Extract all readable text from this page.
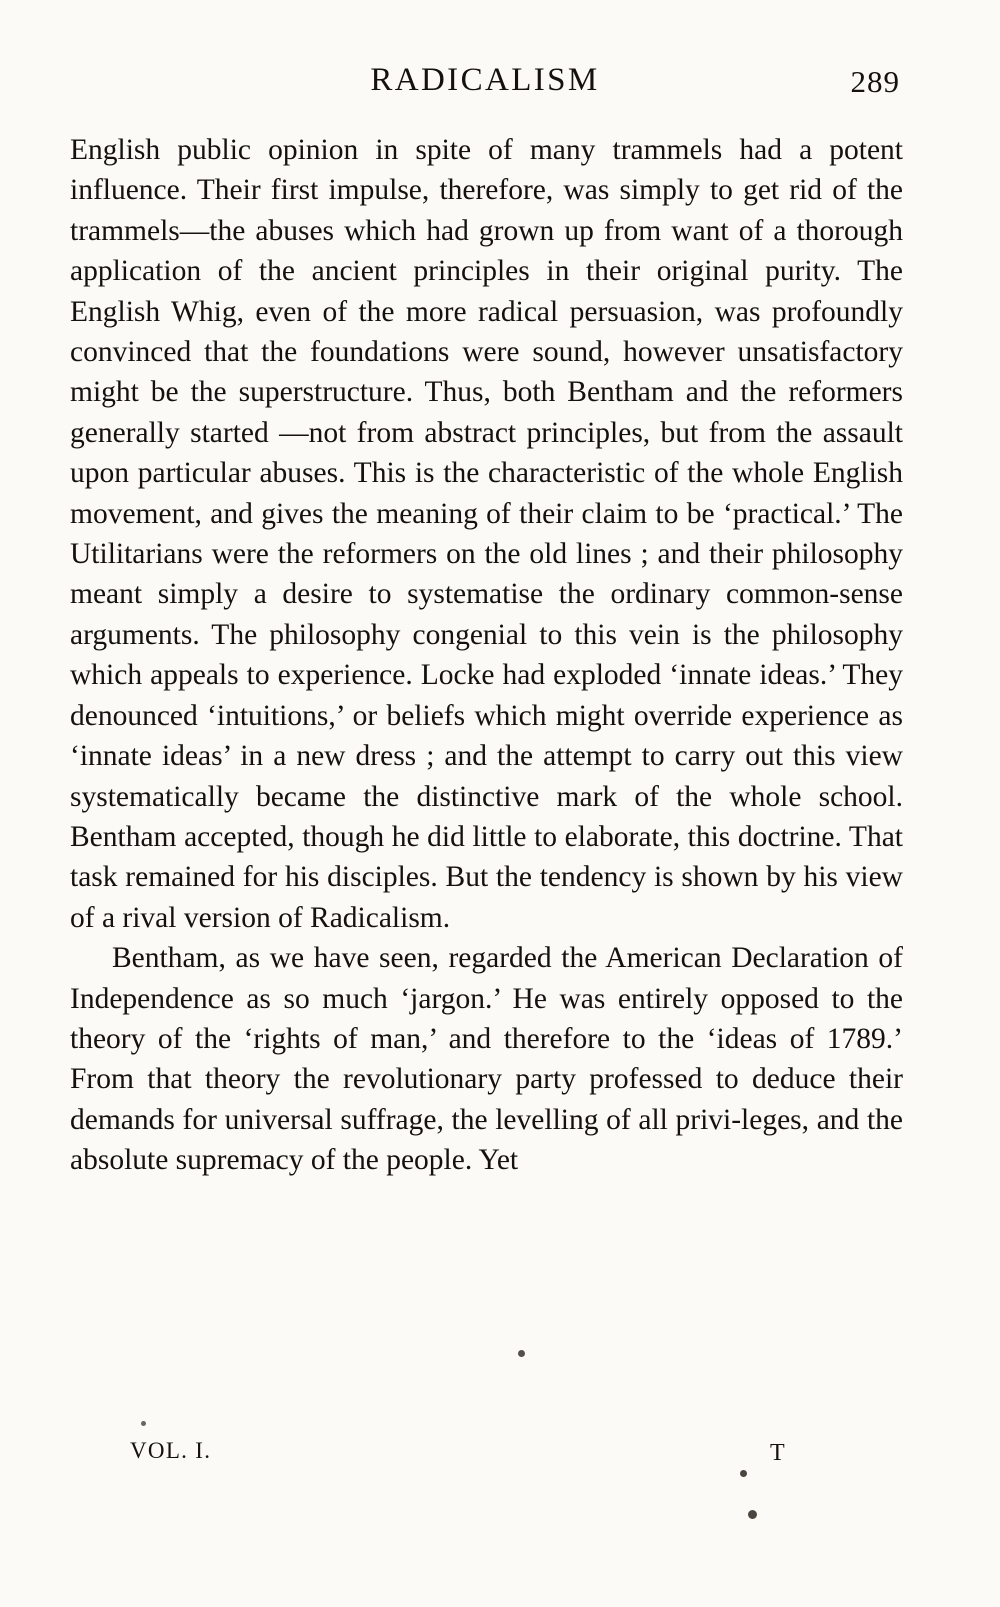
RADICALISM	289

English public opinion in spite of many trammels had a potent influence. Their first impulse, therefore, was simply to get rid of the trammels—the abuses which had grown up from want of a thorough application of the ancient principles in their original purity. The English Whig, even of the more radical persuasion, was profoundly convinced that the foundations were sound, however unsatisfactory might be the superstructure. Thus, both Bentham and the reformers generally started —not from abstract principles, but from the assault upon particular abuses. This is the characteristic of the whole English movement, and gives the meaning of their claim to be ‘practical.’ The Utilitarians were the reformers on the old lines ; and their philosophy meant simply a desire to systematise the ordinary common-sense arguments. The philosophy congenial to this vein is the philosophy which appeals to experience. Locke had exploded ‘innate ideas.’ They denounced ‘intuitions,’ or beliefs which might override experience as ‘innate ideas’ in a new dress ; and the attempt to carry out this view systematically became the distinctive mark of the whole school. Bentham accepted, though he did little to elaborate, this doctrine. That task remained for his disciples. But the tendency is shown by his view of a rival version of Radicalism.

Bentham, as we have seen, regarded the American Declaration of Independence as so much ‘jargon.’ He was entirely opposed to the theory of the ‘rights of man,’ and therefore to the ‘ideas of 1789.’ From that theory the revolutionary party professed to deduce their demands for universal suffrage, the levelling of all privi-leges, and the absolute supremacy of the people. Yet

VOL. I.	T
